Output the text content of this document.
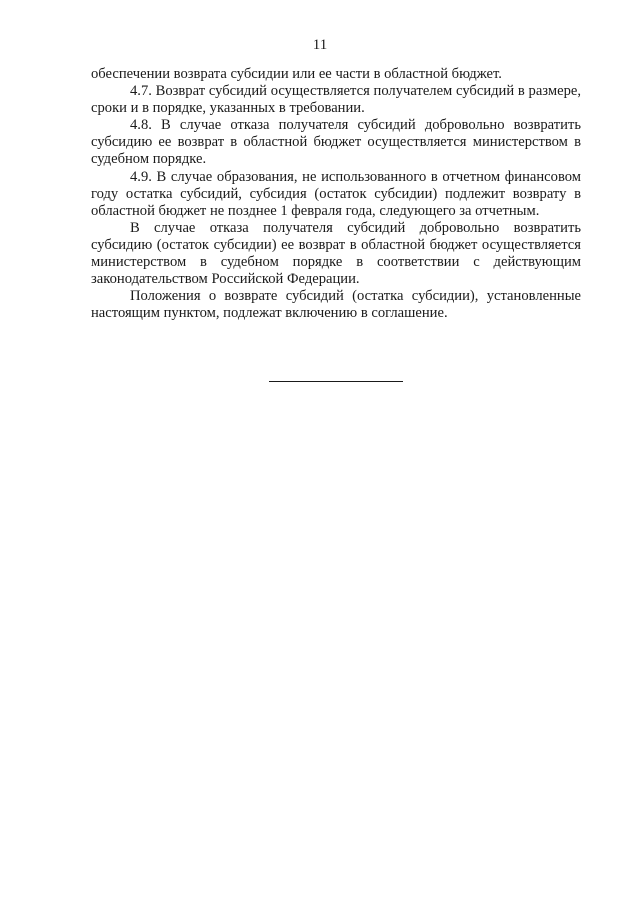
11

обеспечении возврата субсидии или ее части в областной бюджет.

4.7. Возврат субсидий осуществляется получателем субсидий в размере, сроки и в порядке, указанных в требовании.

4.8. В случае отказа получателя субсидий добровольно возвратить субсидию ее возврат в областной бюджет осуществляется министерством в судебном порядке.

4.9. В случае образования, не использованного в отчетном финансовом году остатка субсидий, субсидия (остаток субсидии) подлежит возврату в областной бюджет не позднее 1 февраля года, следующего за отчетным.

В случае отказа получателя субсидий добровольно возвратить субсидию (остаток субсидии) ее возврат в областной бюджет осуществляется министерством в судебном порядке в соответствии с действующим законодательством Российской Федерации.

Положения о возврате субсидий (остатка субсидии), установленные настоящим пунктом, подлежат включению в соглашение.
